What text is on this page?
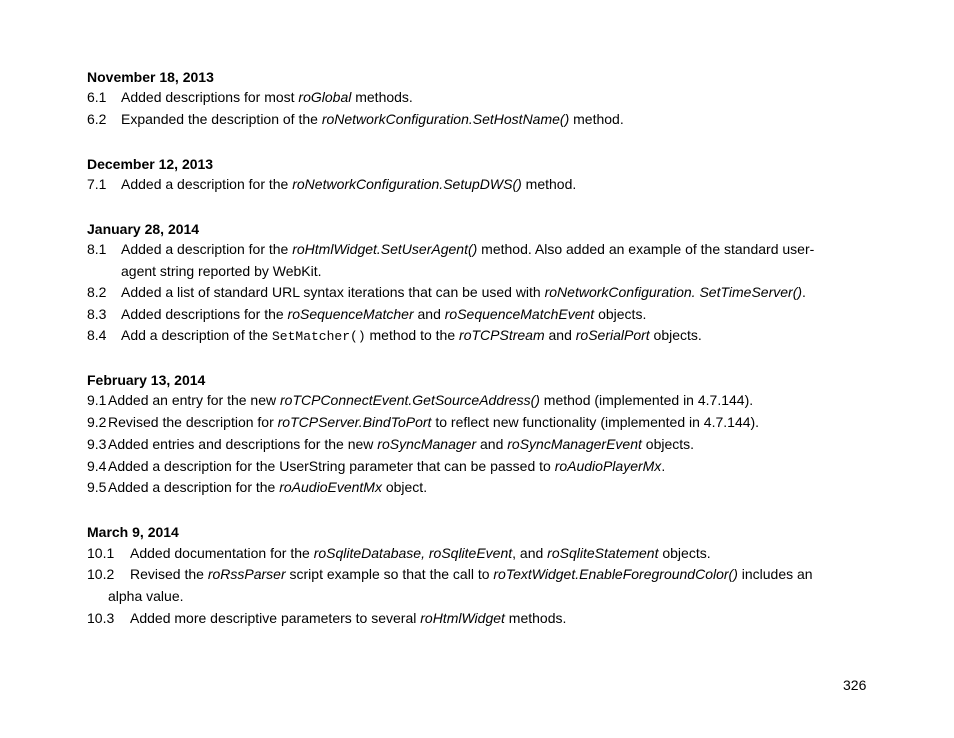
November 18, 2013
6.1 Added descriptions for most roGlobal methods.
6.2 Expanded the description of the roNetworkConfiguration.SetHostName() method.
December 12, 2013
7.1 Added a description for the roNetworkConfiguration.SetupDWS() method.
January 28, 2014
8.1 Added a description for the roHtmlWidget.SetUserAgent() method. Also added an example of the standard user-
agent string reported by WebKit.
8.2 Added a list of standard URL syntax iterations that can be used with roNetworkConfiguration. SetTimeServer().
8.3 Added descriptions for the roSequenceMatcher and roSequenceMatchEvent objects.
8.4 Add a description of the SetMatcher() method to the roTCPStream and roSerialPort objects.
February 13, 2014
9.1 Added an entry for the new roTCPConnectEvent.GetSourceAddress() method (implemented in 4.7.144).
9.2 Revised the description for roTCPServer.BindToPort to reflect new functionality (implemented in 4.7.144).
9.3 Added entries and descriptions for the new roSyncManager and roSyncManagerEvent objects.
9.4 Added a description for the UserString parameter that can be passed to roAudioPlayerMx.
9.5 Added a description for the roAudioEventMx object.
March 9, 2014
10.1 Added documentation for the roSqliteDatabase, roSqliteEvent, and roSqliteStatement objects.
10.2 Revised the roRssParser script example so that the call to roTextWidget.EnableForegroundColor() includes an
alpha value.
10.3 Added more descriptive parameters to several roHtmlWidget methods.
326
